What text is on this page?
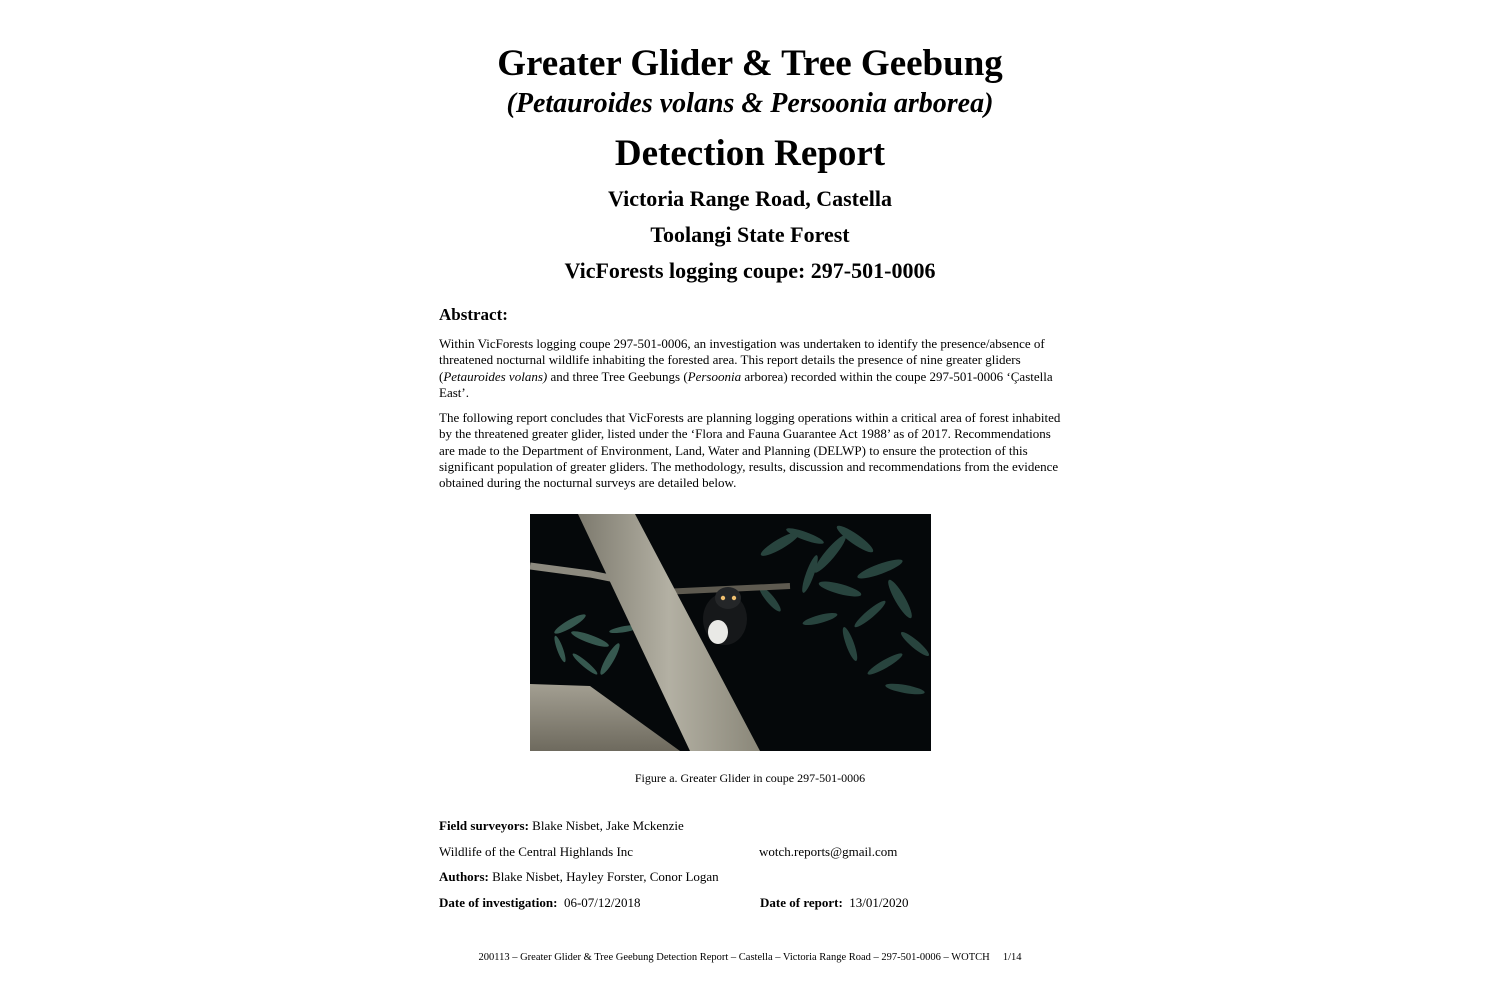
Greater Glider & Tree Geebung
(Petauroides volans & Persoonia arborea)
Detection Report
Victoria Range Road, Castella
Toolangi State Forest
VicForests logging coupe: 297-501-0006

Abstract:

Within VicForests logging coupe 297-501-0006, an investigation was undertaken to identify the presence/absence of threatened nocturnal wildlife inhabiting the forested area. This report details the presence of nine greater gliders (Petauroides volans) and three Tree Geebungs (Persoonia arborea) recorded within the coupe 297-501-0006 ‘Çastella East’.

The following report concludes that VicForests are planning logging operations within a critical area of forest inhabited by the threatened greater glider, listed under the ‘Flora and Fauna Guarantee Act 1988’ as of 2017. Recommendations are made to the Department of Environment, Land, Water and Planning (DELWP) to ensure the protection of this significant population of greater gliders. The methodology, results, discussion and recommendations from the evidence obtained during the nocturnal surveys are detailed below.

Figure a. Greater Glider in coupe 297-501-0006

Field surveyors: Blake Nisbet, Jake Mckenzie

Wildlife of the Central Highlands Inc	wotch.reports@gmail.com

Authors: Blake Nisbet, Hayley Forster, Conor Logan

Date of investigation:  06-07/12/2018	Date of report:  13/01/2020

200113 – Greater Glider & Tree Geebung Detection Report – Castella – Victoria Range Road – 297-501-0006 – WOTCH     1/14
